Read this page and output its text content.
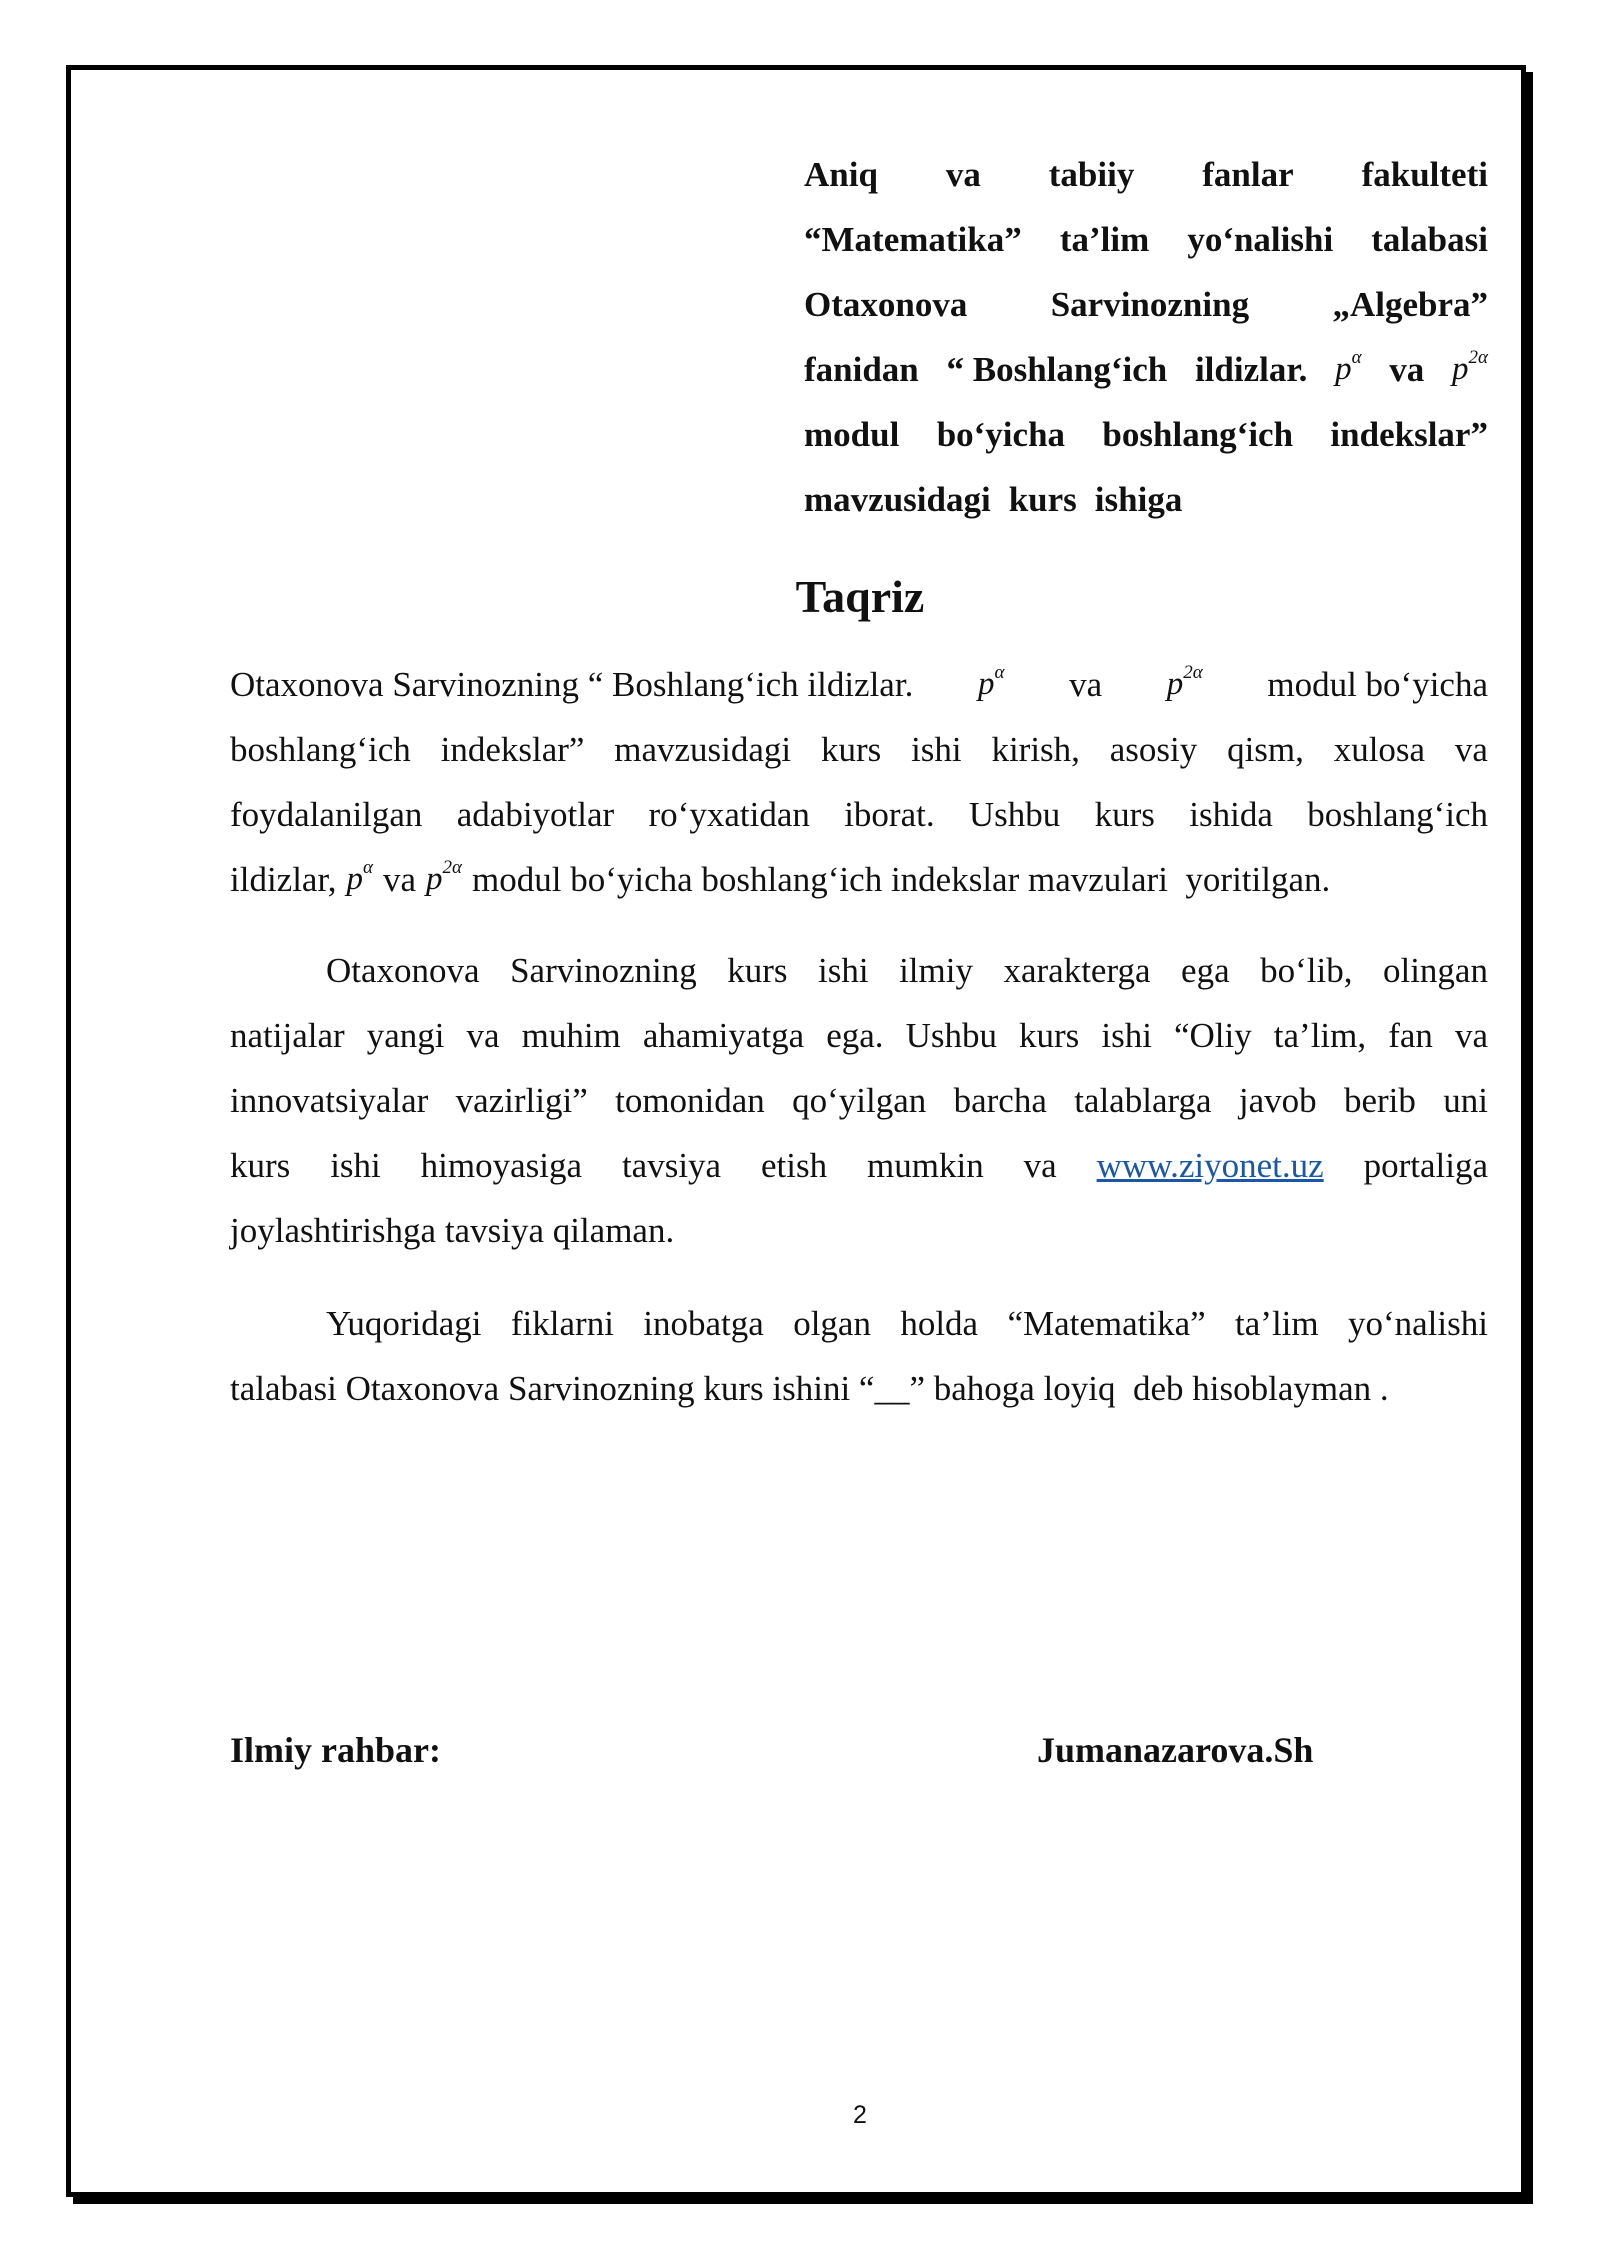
Aniq va tabiiy fanlar fakulteti
“Matematika” ta’lim yo‘nalishi talabasi
Otaxonova Sarvinozning „Algebra”
fanidan “ Boshlang‘ich ildizlar. $p^\alpha$ va $p^{2\alpha}$
modul bo‘yicha boshlang‘ich indekslar”
mavzusidagi kurs ishiga
Taqriz
Otaxonova Sarvinozning “ Boshlang‘ich ildizlar. $p^\alpha$ va $p^{2\alpha}$ modul bo‘yicha
boshlang‘ich indekslar” mavzusidagi kurs ishi kirish, asosiy qism, xulosa va
foydalanilgan adabiyotlar ro‘yxatidan iborat. Ushbu kurs ishida boshlang‘ich
ildizlar, $p^\alpha$ va $p^{2\alpha}$ modul bo‘yicha boshlang‘ich indekslar mavzulari  yoritilgan.
Otaxonova Sarvinozning kurs ishi ilmiy xarakterga ega bo‘lib, olingan
natijalar yangi va muhim ahamiyatga ega. Ushbu kurs ishi “Oliy ta’lim, fan va
innovatsiyalar vazirligi” tomonidan qo‘yilgan barcha talablarga javob berib uni
kurs ishi himoyasiga tavsiya etish mumkin va www.ziyonet.uz portaliga
joylashtirishga tavsiya qilaman.
Yuqoridagi fiklarni inobatga olgan holda “Matematika” ta’lim yo‘nalishi
talabasi Otaxonova Sarvinozning kurs ishini “__” bahoga loyiq  deb hisoblayman .
Ilmiy rahbar:	Jumanazarova.Sh
2
